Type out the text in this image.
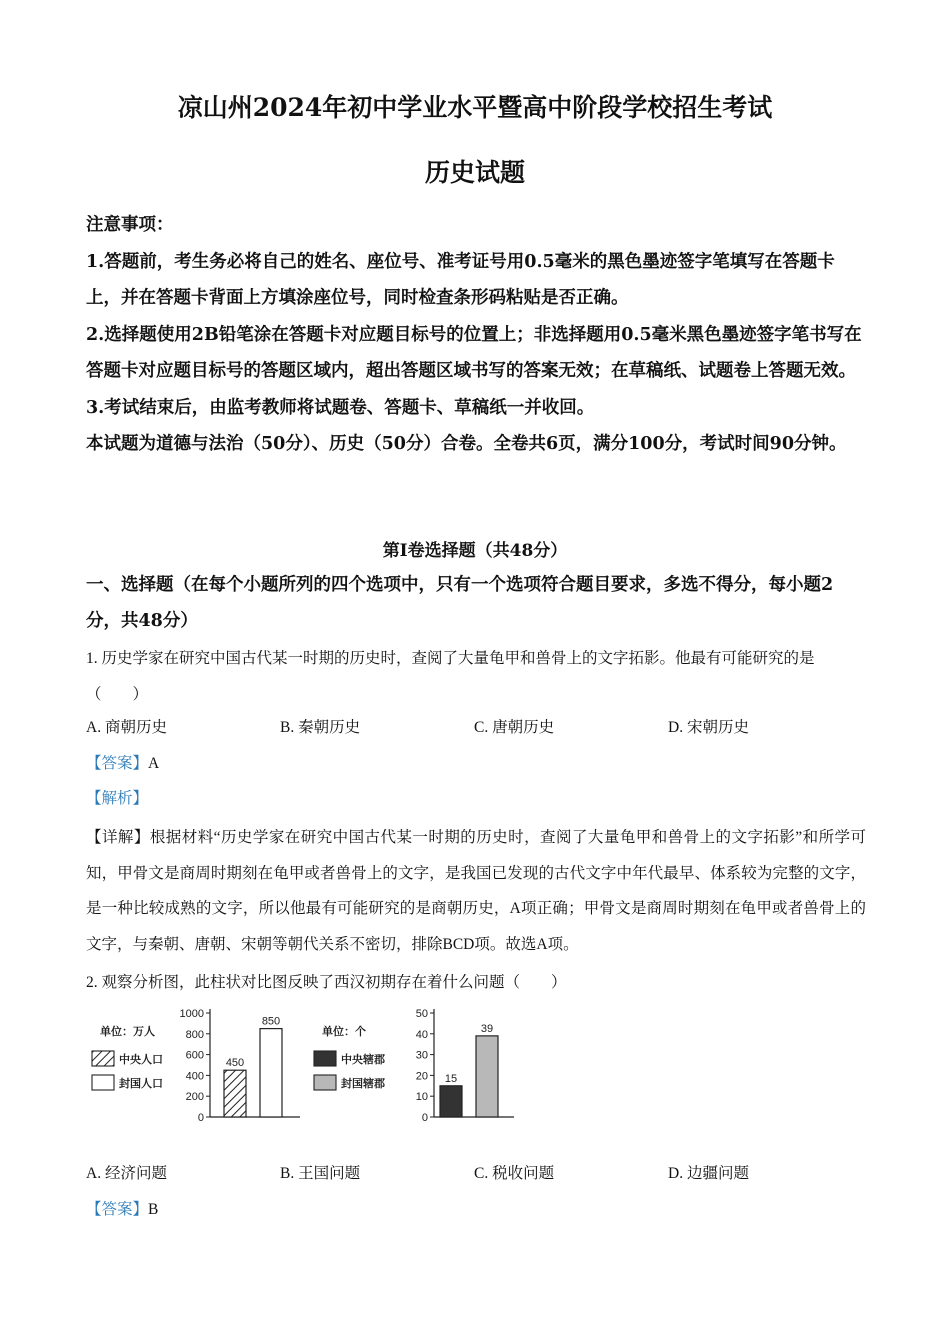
凉山州2024年初中学业水平暨高中阶段学校招生考试
历史试题

注意事项：

1.答题前，考生务必将自己的姓名、座位号、准考证号用0.5毫米的黑色墨迹签字笔填写在答题卡上，并在答题卡背面上方填涂座位号，同时检查条形码粘贴是否正确。

2.选择题使用2B铅笔涂在答题卡对应题目标号的位置上；非选择题用0.5毫米黑色墨迹签字笔书写在答题卡对应题目标号的答题区域内，超出答题区域书写的答案无效；在草稿纸、试题卷上答题无效。

3.考试结束后，由监考教师将试题卷、答题卡、草稿纸一并收回。

本试题为道德与法治（50分）、历史（50分）合卷。全卷共6页，满分100分，考试时间90分钟。

第Ⅰ卷选择题（共48分）
一、选择题（在每个小题所列的四个选项中，只有一个选项符合题目要求，多选不得分，每小题2分，共48分）
1. 历史学家在研究中国古代某一时期的历史时，查阅了大量龟甲和兽骨上的文字拓影。他最有可能研究的是（　　）
A. 商朝历史	B. 秦朝历史	C. 唐朝历史	D. 宋朝历史
【答案】A
【解析】
【详解】根据材料“历史学家在研究中国古代某一时期的历史时，查阅了大量龟甲和兽骨上的文字拓影”和所学可知，甲骨文是商周时期刻在龟甲或者兽骨上的文字，是我国已发现的古代文字中年代最早、体系较为完整的文字，是一种比较成熟的文字，所以他最有可能研究的是商朝历史，A项正确；甲骨文是商周时期刻在龟甲或者兽骨上的文字，与秦朝、唐朝、宋朝等朝代关系不密切，排除BCD项。故选A项。
2. 观察分析图，此柱状对比图反映了西汉初期存在着什么问题（　　）
1000
800
600
400
200
0
单位：万人
450
850
中央人口
封国人口
50
40
30
20
10
0
单位：个
15
39
中央辖郡
封国辖郡
A. 经济问题	B. 王国问题	C. 税收问题	D. 边疆问题
【答案】B
